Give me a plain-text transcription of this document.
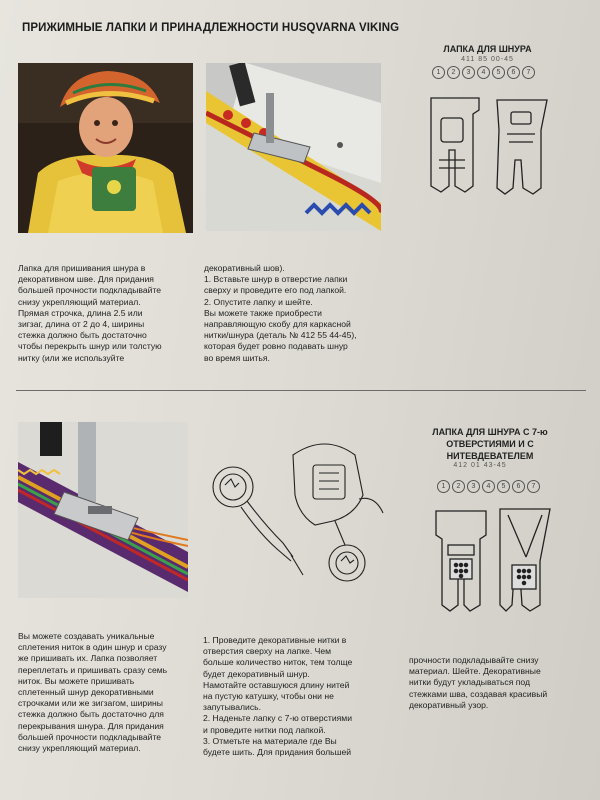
ПРИЖИМНЫЕ ЛАПКИ И ПРИНАДЛЕЖНОСТИ HUSQVARNA VIKING
ЛАПКА ДЛЯ ШНУРА
411 85 00-45
1	2	3	4	5	6	7
Лапка для пришивания шнура в
декоративном шве. Для придания
большей прочности подкладывайте
снизу укрепляющий материал.
Прямая строчка, длина 2.5 или
зигзаг, длина от 2 до 4, ширины
стежка должно быть достаточно
чтобы перекрыть шнур или толстую
нитку (или же используйте
декоративный шов).
1. Вставьте шнур в отверстие лапки
сверху и проведите его под лапкой.
2. Опустите лапку и шейте.
Вы можете также приобрести
направляющую скобу для каркасной
нитки/шнура (деталь № 412 55 44-45),
которая будет ровно подавать шнур
во время шитья.
ЛАПКА ДЛЯ ШНУРА С 7-ю
ОТВЕРСТИЯМИ И С
НИТЕВДЕВАТЕЛЕМ
412 01 43-45
1	2	3	4	5	6	7
Вы можете создавать уникальные
сплетения ниток в один шнур и сразу
же пришивать их. Лапка позволяет
переплетать и пришивать сразу семь
ниток. Вы можете пришивать
сплетенный шнур декоративными
строчками или же зигзагом, ширины
стежка должно быть достаточно для
перекрывания шнура. Для придания
большей прочности подкладывайте
снизу укрепляющий материал.
1. Проведите декоративные нитки в
отверстия сверху на лапке. Чем
больше количество ниток, тем толще
будет декоративный шнур.
Намотайте оставшуюся длину нитей
на пустую катушку, чтобы они не
запутывались.
2. Наденьте лапку с 7-ю отверстиями
и проведите нитки под лапкой.
3. Отметьте на материале где Вы
будете шить. Для придания большей
прочности подкладывайте снизу
материал. Шейте. Декоративные
нитки будут укладываться под
стежками шва, создавая красивый
декоративный узор.
